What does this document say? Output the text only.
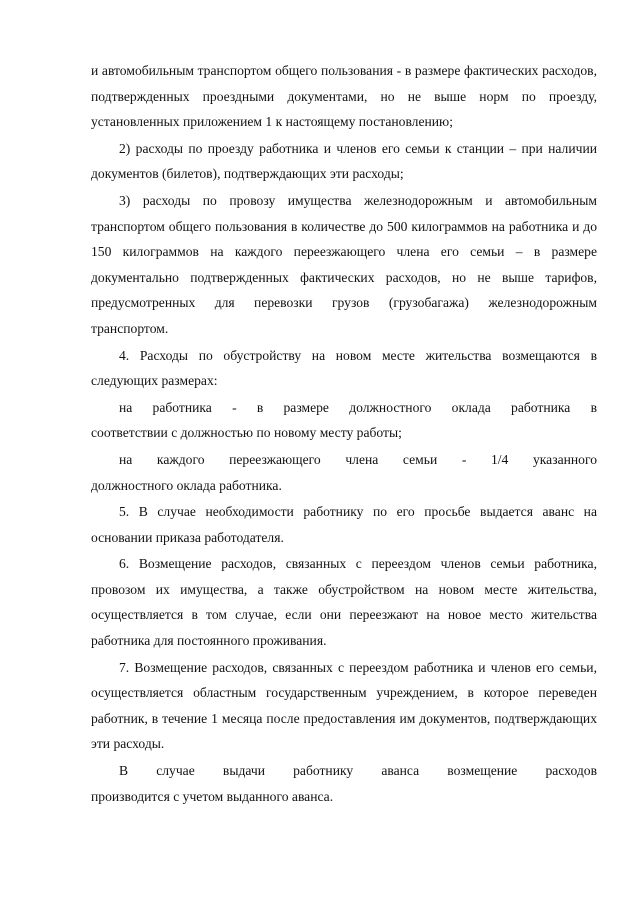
и автомобильным транспортом общего пользования - в размере фактических расходов, подтвержденных проездными документами, но не выше норм по проезду, установленных приложением 1 к настоящему постановлению;

2) расходы по проезду работника и членов его семьи к станции – при наличии документов (билетов), подтверждающих эти расходы;

3) расходы по провозу имущества железнодорожным и автомобильным транспортом общего пользования в количестве до 500 килограммов на работника и до 150 килограммов на каждого переезжающего члена его семьи – в размере документально подтвержденных фактических расходов, но не выше тарифов, предусмотренных для перевозки грузов (грузобагажа) железнодорожным транспортом.

4. Расходы по обустройству на новом месте жительства возмещаются в следующих размерах:

на работника - в размере должностного оклада работника в

соответствии с должностью по новому месту работы;

на каждого переезжающего члена семьи - 1/4 указанного

должностного оклада работника.

5. В случае необходимости работнику по его просьбе выдается аванс на основании приказа работодателя.

6. Возмещение расходов, связанных с переездом членов семьи работника, провозом их имущества, а также обустройством на новом месте жительства, осуществляется в том случае, если они переезжают на новое место жительства работника для постоянного проживания.

7. Возмещение расходов, связанных с переездом работника и членов его семьи, осуществляется областным государственным учреждением, в которое переведен работник, в течение 1 месяца после предоставления им документов, подтверждающих эти расходы.

В случае выдачи работнику аванса возмещение расходов

производится с учетом выданного аванса.
